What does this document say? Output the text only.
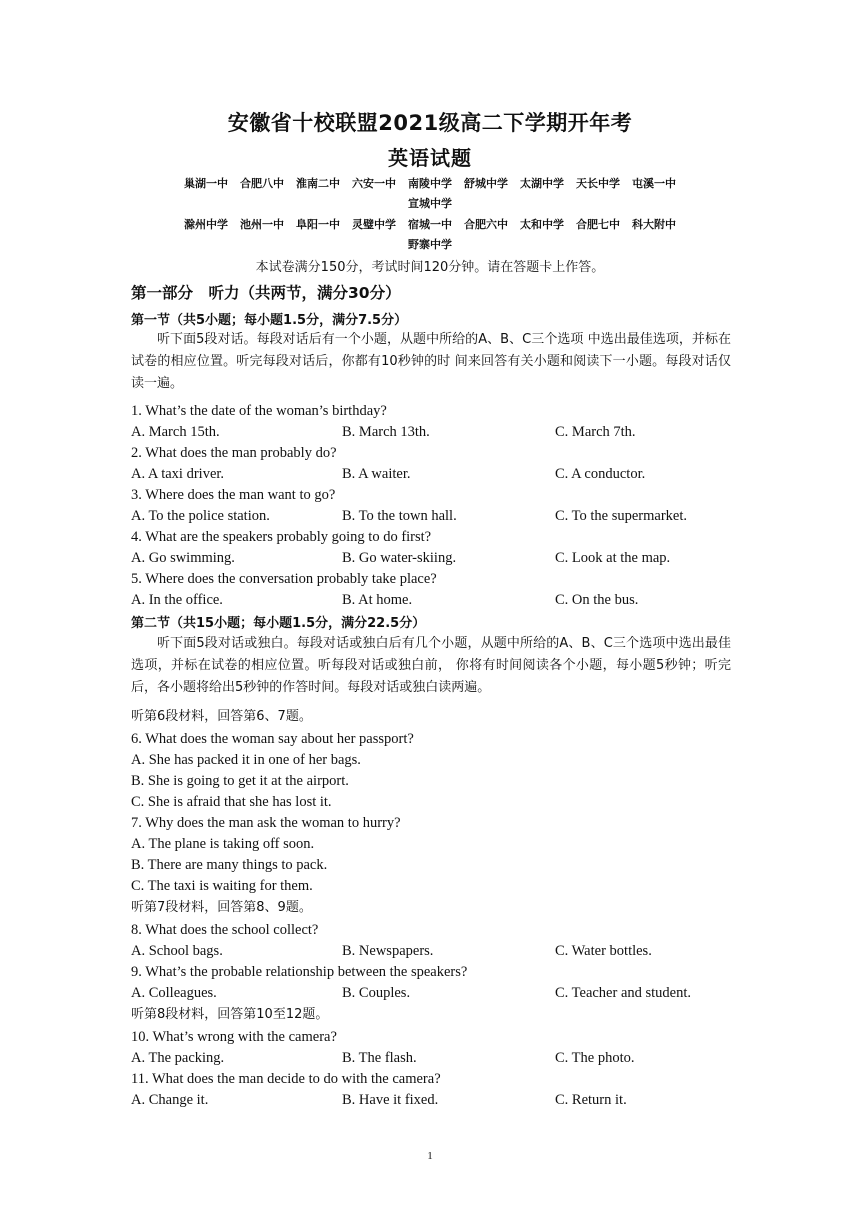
安徽省十校联盟2021级高二下学期开年考
英语试题
巢湖一中 合肥八中 淮南二中 六安一中 南陵中学 舒城中学 太湖中学 天长中学 屯溪一中
宣城中学
滁州中学 池州一中 阜阳一中 灵璧中学 宿城一中 合肥六中 太和中学 合肥七中 科大附中
野寨中学
本试卷满分150分，考试时间120分钟。请在答题卡上作答。
第一部分　听力（共两节，满分30分）
第一节（共5小题；每小题1.5分，满分7.5分）

听下面5段对话。每段对话后有一个小题，从题中所给的A、B、C三个选项 中选出最佳选项，并标在试卷的相应位置。听完每段对话后，你都有10秒钟的时 间来回答有关小题和阅读下一小题。每段对话仅读一遍。

1. What’s the date of the woman’s birthday?
A. March 15th.	B. March 13th.	C. March 7th.
2. What does the man probably do?
A. A taxi driver.	B. A waiter.	C. A conductor.
3. Where does the man want to go?
A. To the police station.	B. To the town hall.	C. To the supermarket.
4. What are the speakers probably going to do first?
A. Go swimming.	B. Go water-skiing.	C. Look at the map.
5. Where does the conversation probably take place?
A. In the office.	B. At home.	C. On the bus.
第二节（共15小题；每小题1.5分，满分22.5分）

听下面5段对话或独白。每段对话或独白后有几个小题，从题中所给的A、B、C三个选项中选出最佳选项，并标在试卷的相应位置。听每段对话或独白前， 你将有时间阅读各个小题，每小题5秒钟；听完后，各小题将给出5秒钟的作答时间。每段对话或独白读两遍。

听第6段材料，回答第6、7题。
6. What does the woman say about her passport?
A. She has packed it in one of her bags.
B. She is going to get it at the airport.
C. She is afraid that she has lost it.
7. Why does the man ask the woman to hurry?
A. The plane is taking off soon.
B. There are many things to pack.
C. The taxi is waiting for them.
听第7段材料，回答第8、9题。
8. What does the school collect?
A. School bags.	B. Newspapers.	C. Water bottles.
9. What’s the probable relationship between the speakers?
A. Colleagues.	B. Couples.	C. Teacher and student.
听第8段材料，回答第10至12题。
10. What’s wrong with the camera?
A. The packing.	B. The flash.	C. The photo.
11. What does the man decide to do with the camera?
A. Change it.	B. Have it fixed.	C. Return it.
1
